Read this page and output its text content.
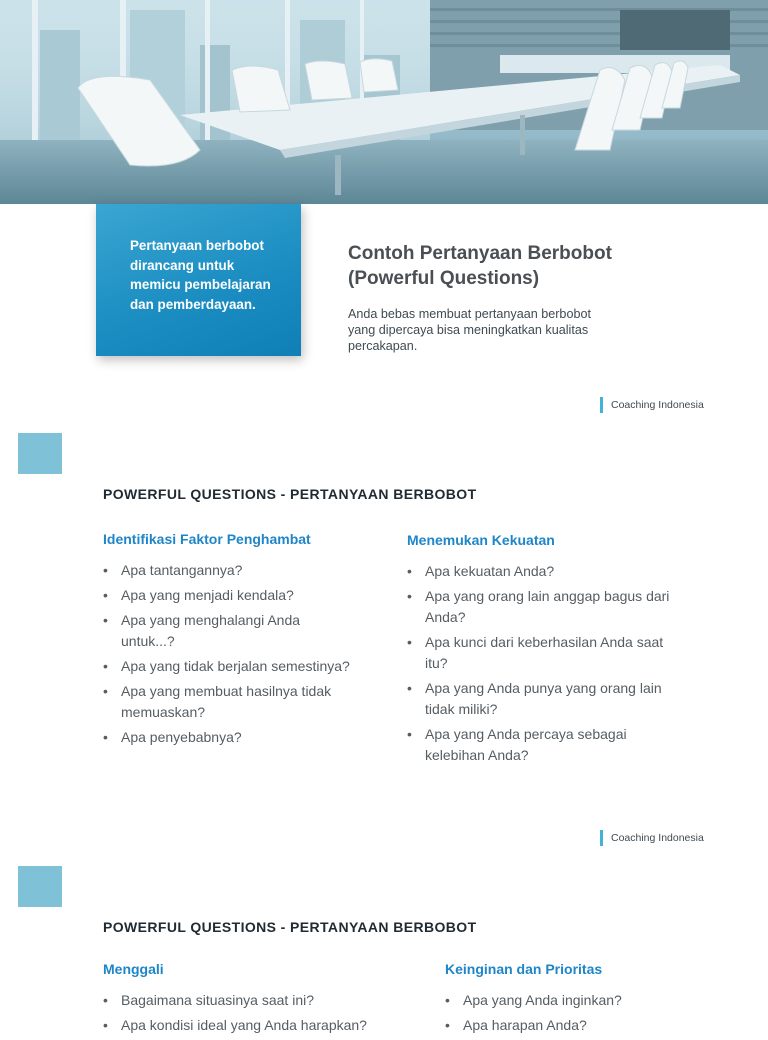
Pertanyaan berbobot dirancang untuk memicu pembelajaran dan pemberdayaan.

Contoh Pertanyaan Berbobot (Powerful Questions)

Anda bebas membuat pertanyaan berbobot yang dipercaya bisa meningkatkan kualitas percakapan.

Coaching Indonesia
POWERFUL QUESTIONS - PERTANYAAN BERBOBOT
Identifikasi Faktor Penghambat
• Apa tantangannya?
• Apa yang menjadi kendala?
• Apa yang menghalangi Anda untuk...?
• Apa yang tidak berjalan semestinya?
• Apa yang membuat hasilnya tidak memuaskan?
• Apa penyebabnya?
Menemukan Kekuatan
• Apa kekuatan Anda?
• Apa yang orang lain anggap bagus dari Anda?
• Apa kunci dari keberhasilan Anda saat itu?
• Apa yang Anda punya yang orang lain tidak miliki?
• Apa yang Anda percaya sebagai kelebihan Anda?
Coaching Indonesia
POWERFUL QUESTIONS - PERTANYAAN BERBOBOT
Menggali
• Bagaimana situasinya saat ini?
• Apa kondisi ideal yang Anda harapkan?
Keinginan dan Prioritas
• Apa yang Anda inginkan?
• Apa harapan Anda?
